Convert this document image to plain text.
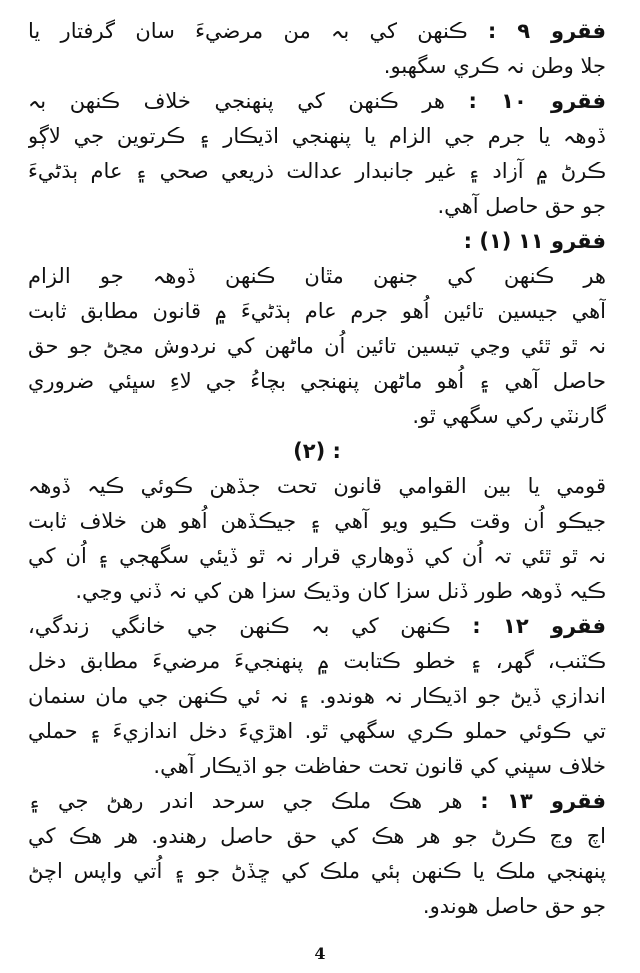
فقرو ٩ : ڪنهن کي بہ من مرضيءَ سان گرفتار يا
جلا وطن نہ ڪري سگهبو.
فقرو ١٠ : هر ڪنهن کي پنهنجي خلاف ڪنهن بہ
ڏوهہ يا جرم جي الزام يا پنهنجي اڌيڪار ۽ ڪرتوين جي لاڳو
ڪرڻ ۾ آزاد ۽ غير جانبدار عدالت ذريعي صحي ۽ عام ٻڌڻيءَ
جو حق حاصل آهي.
فقرو ١١ (١) :
هر ڪنهن کي جنهن مٿان ڪنهن ڏوهہ جو الزام
آهي جيسين تائين اُهو جرم عام ٻڌڻيءَ ۾ قانون مطابق ثابت
نہ ٿو ٿئي وڃي تيسين تائين اُن ماڻهن کي نردوش مڃڻ جو حق
حاصل آهي ۽ اُهو ماڻهن پنهنجي بچاءُ جي لاءِ سڀئي ضروري
گارنٽي رکي سگهي ٿو.
(٢) :
قومي يا بين القوامي قانون تحت جڏهن ڪوئي ڪيہ ڏوهہ
جيڪو اُن وقت ڪيو ويو آهي ۽ جيڪڏهن اُهو هن خلاف ثابت
نہ ٿو ٿئي تہ اُن کي ڏوهاري قرار نہ ٿو ڏيئي سگهجي ۽ اُن کي
ڪيہ ڏوهہ طور ڏنل سزا کان وڌيڪ سزا هن کي نہ ڏني وڃي.
فقرو ١٢ : ڪنهن کي بہ ڪنهن جي خانگي زندگي،
ڪٽنب، گهر، ۽ خطو ڪتابت ۾ پنهنجيءَ مرضيءَ مطابق دخل
اندازي ڏيڻ جو اڌيڪار نہ هوندو. ۽ نہ ئي ڪنهن جي مان سنمان
تي ڪوئي حملو ڪري سگهي ٿو. اهڙيءَ دخل اندازيءَ ۽ حملي
خلاف سڀني کي قانون تحت حفاظت جو اڌيڪار آهي.
فقرو ١٣ : هر هڪ ملڪ جي سرحد اندر رهڻ جي ۽
اچ وڃ ڪرڻ جو هر هڪ کي حق حاصل رهندو. هر هڪ کي
پنهنجي ملڪ يا ڪنهن ٻئي ملڪ کي ڇڏڻ جو ۽ اُتي واپس اچڻ
جو حق حاصل هوندو.
4
